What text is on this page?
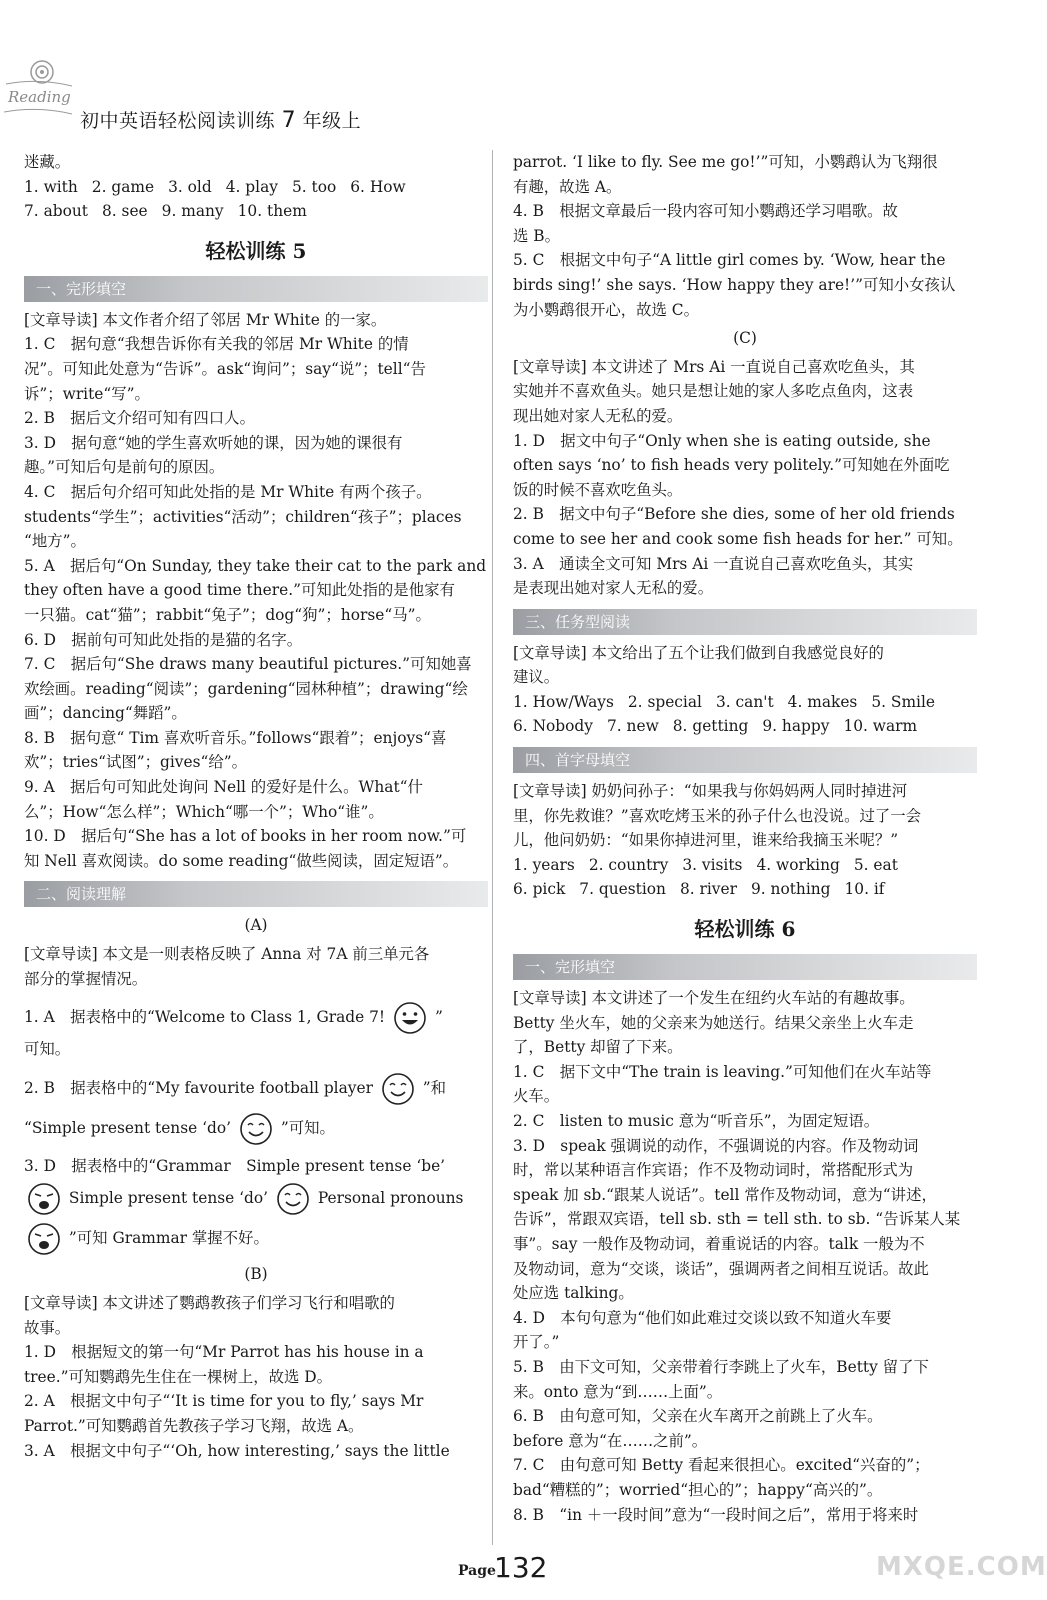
Reading
初中英语轻松阅读训练 7 年级上
迷藏。
1. with 2. game 3. old 4. play 5. too 6. How
7. about 8. see 9. many 10. them
轻松训练 5
一、完形填空
[文章导读] 本文作者介绍了邻居 Mr White 的一家。
1. C　据句意“我想告诉你有关我的邻居 Mr White 的情
况”。可知此处意为“告诉”。ask“询问”；say“说”；tell“告
诉”；write“写”。
2. B　据后文介绍可知有四口人。
3. D　据句意“她的学生喜欢听她的课，因为她的课很有
趣。”可知后句是前句的原因。
4. C　据后句介绍可知此处指的是 Mr White 有两个孩子。
students“学生”；activities“活动”；children“孩子”；places
“地方”。
5. A　据后句“On Sunday, they take their cat to the park and
they often have a good time there.”可知此处指的是他家有
一只猫。cat“猫”；rabbit“兔子”；dog“狗”；horse“马”。
6. D　据前句可知此处指的是猫的名字。
7. C　据后句“She draws many beautiful pictures.”可知她喜
欢绘画。reading“阅读”；gardening“园林种植”；drawing“绘
画”；dancing“舞蹈”。
8. B　据句意“ Tim 喜欢听音乐。”follows“跟着”；enjoys“喜
欢”；tries“试图”；gives“给”。
9. A　据后句可知此处询问 Nell 的爱好是什么。What“什
么”；How“怎么样”；Which“哪一个”；Who“谁”。
10. D　据后句“She has a lot of books in her room now.”可
知 Nell 喜欢阅读。do some reading“做些阅读，固定短语”。
二、阅读理解
(A)
[文章导读] 本文是一则表格反映了 Anna 对 7A 前三单元各
部分的掌握情况。
1. A　据表格中的“Welcome to Class 1, Grade 7!	”
可知。
2. B　据表格中的“My favourite football player	”和
“Simple present tense ‘do’	”可知。
3. D　据表格中的“Grammar　Simple present tense ‘be’
Simple present tense ‘do’	Personal pronouns
”可知 Grammar 掌握不好。
(B)
[文章导读] 本文讲述了鹦鹉教孩子们学习飞行和唱歌的
故事。
1. D　根据短文的第一句“Mr Parrot has his house in a
tree.”可知鹦鹉先生住在一棵树上，故选 D。
2. A　根据文中句子“‘It is time for you to fly,’ says Mr
Parrot.”可知鹦鹉首先教孩子学习飞翔，故选 A。
3. A　根据文中句子“‘Oh, how interesting,’ says the little
parrot. ‘I like to fly. See me go!’”可知，小鹦鹉认为飞翔很
有趣，故选 A。
4. B　根据文章最后一段内容可知小鹦鹉还学习唱歌。故
选 B。
5. C　根据文中句子“A little girl comes by. ‘Wow, hear the
birds sing!’ she says. ‘How happy they are!’”可知小女孩认
为小鹦鹉很开心，故选 C。
(C)
[文章导读] 本文讲述了 Mrs Ai 一直说自己喜欢吃鱼头，其
实她并不喜欢鱼头。她只是想让她的家人多吃点鱼肉，这表
现出她对家人无私的爱。
1. D　据文中句子“Only when she is eating outside, she
often says ‘no’ to fish heads very politely.”可知她在外面吃
饭的时候不喜欢吃鱼头。
2. B　据文中句子“Before she dies, some of her old friends
come to see her and cook some fish heads for her.” 可知。
3. A　通读全文可知 Mrs Ai 一直说自己喜欢吃鱼头，其实
是表现出她对家人无私的爱。
三、任务型阅读
[文章导读] 本文给出了五个让我们做到自我感觉良好的
建议。
1. How/Ways 2. special 3. can't 4. makes 5. Smile
6. Nobody 7. new 8. getting 9. happy 10. warm
四、首字母填空
[文章导读] 奶奶问孙子：“如果我与你妈妈两人同时掉进河
里，你先救谁？”喜欢吃烤玉米的孙子什么也没说。过了一会
儿，他问奶奶：“如果你掉进河里，谁来给我摘玉米呢？”
1. years 2. country 3. visits 4. working 5. eat
6. pick 7. question 8. river 9. nothing 10. if
轻松训练 6
一、完形填空
[文章导读] 本文讲述了一个发生在纽约火车站的有趣故事。
Betty 坐火车，她的父亲来为她送行。结果父亲坐上火车走
了，Betty 却留了下来。
1. C　据下文中“The train is leaving.”可知他们在火车站等
火车。
2. C　listen to music 意为“听音乐”，为固定短语。
3. D　speak 强调说的动作，不强调说的内容。作及物动词
时，常以某种语言作宾语；作不及物动词时，常搭配形式为
speak 加 sb.“跟某人说话”。tell 常作及物动词，意为“讲述，
告诉”，常跟双宾语，tell sb. sth = tell sth. to sb. “告诉某人某
事”。say 一般作及物动词，着重说话的内容。talk 一般为不
及物动词，意为“交谈，谈话”，强调两者之间相互说话。故此
处应选 talking。
4. D　本句句意为“他们如此难过交谈以致不知道火车要
开了。”
5. B　由下文可知，父亲带着行李跳上了火车，Betty 留了下
来。onto 意为“到……上面”。
6. B　由句意可知，父亲在火车离开之前跳上了火车。
before 意为“在……之前”。
7. C　由句意可知 Betty 看起来很担心。excited“兴奋的”；
bad“糟糕的”；worried“担心的”；happy“高兴的”。
8. B　“in ＋一段时间”意为“一段时间之后”，常用于将来时
Page
132	MXQE.COM
